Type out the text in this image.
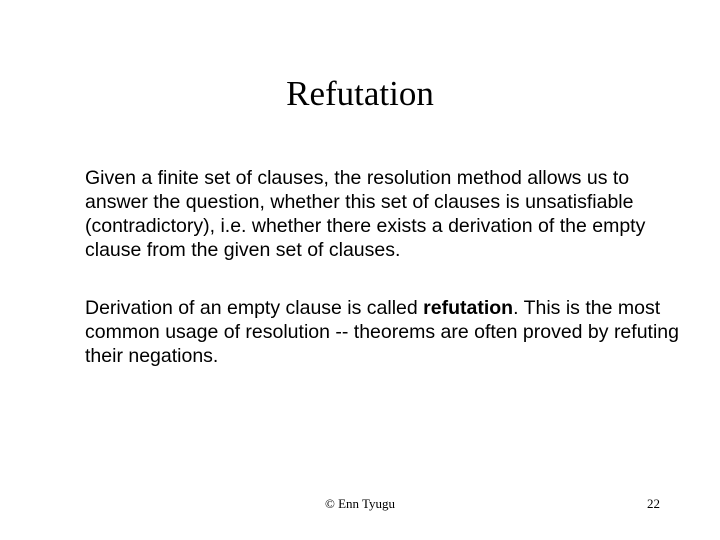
Refutation

Given a finite set of clauses, the resolution method allows us to answer the question, whether this set of clauses is unsatisfiable (contradictory), i.e. whether there exists a derivation of the empty clause from the given set of clauses.

Derivation of an empty clause is called refutation. This is the most common usage of resolution -- theorems are often proved by refuting their negations.

© Enn Tyugu	22
